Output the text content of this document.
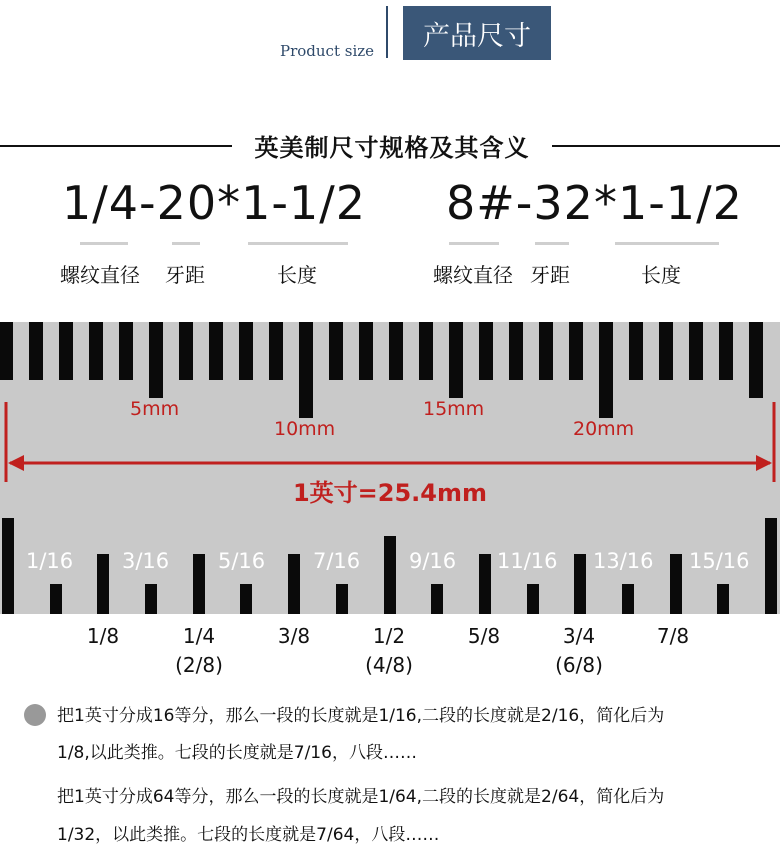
Product size	产品尺寸
英美制尺寸规格及其含义
1/4-20*1-1/2
螺纹直径 牙距	长度
8#-32*1-1/2
螺纹直径 牙距	长度
5mm
10mm
15mm
20mm
1英寸=25.4mm
1/16 3/16 5/16 7/16 9/16 11/16 13/16 15/16
1/8	1/4	3/8	1/2	5/8	3/4	7/8
(2/8)	(4/8)	(6/8)
把1英寸分成16等分，那么一段的长度就是1/16,二段的长度就是2/16，简化后为
1/8,以此类推。七段的长度就是7/16，八段……
把1英寸分成64等分，那么一段的长度就是1/64,二段的长度就是2/64，简化后为
1/32，以此类推。七段的长度就是7/64，八段……
